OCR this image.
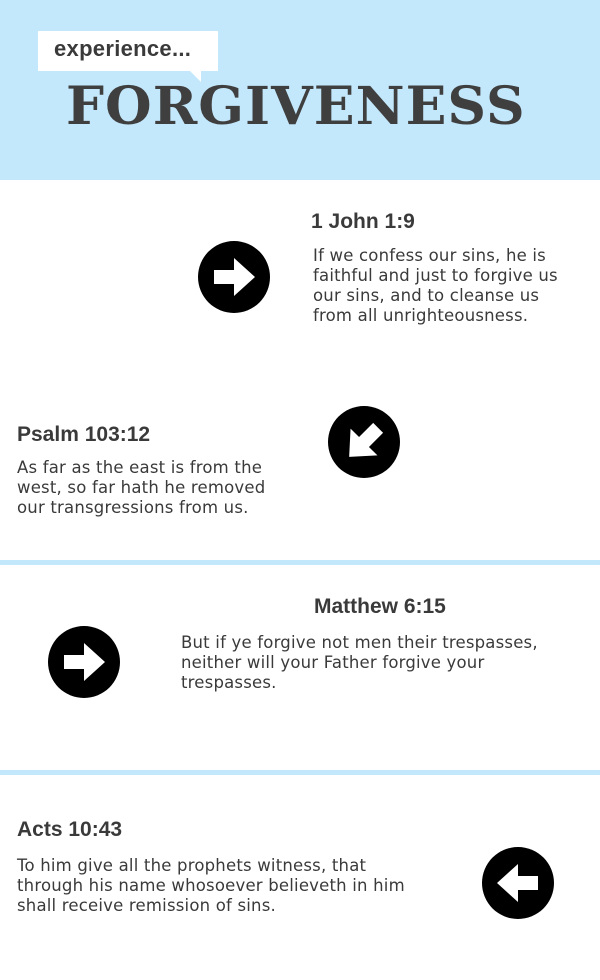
experience...
FORGIVENESS
1 John 1:9
If we confess our sins, he is faithful and just to forgive us our sins, and to cleanse us from all unrighteousness.
Psalm 103:12
As far as the east is from the west, so far hath he removed our transgressions from us.
Matthew 6:15
But if ye forgive not men their trespasses, neither will your Father forgive your trespasses.
Acts 10:43
To him give all the prophets witness, that through his name whosoever believeth in him shall receive remission of sins.
